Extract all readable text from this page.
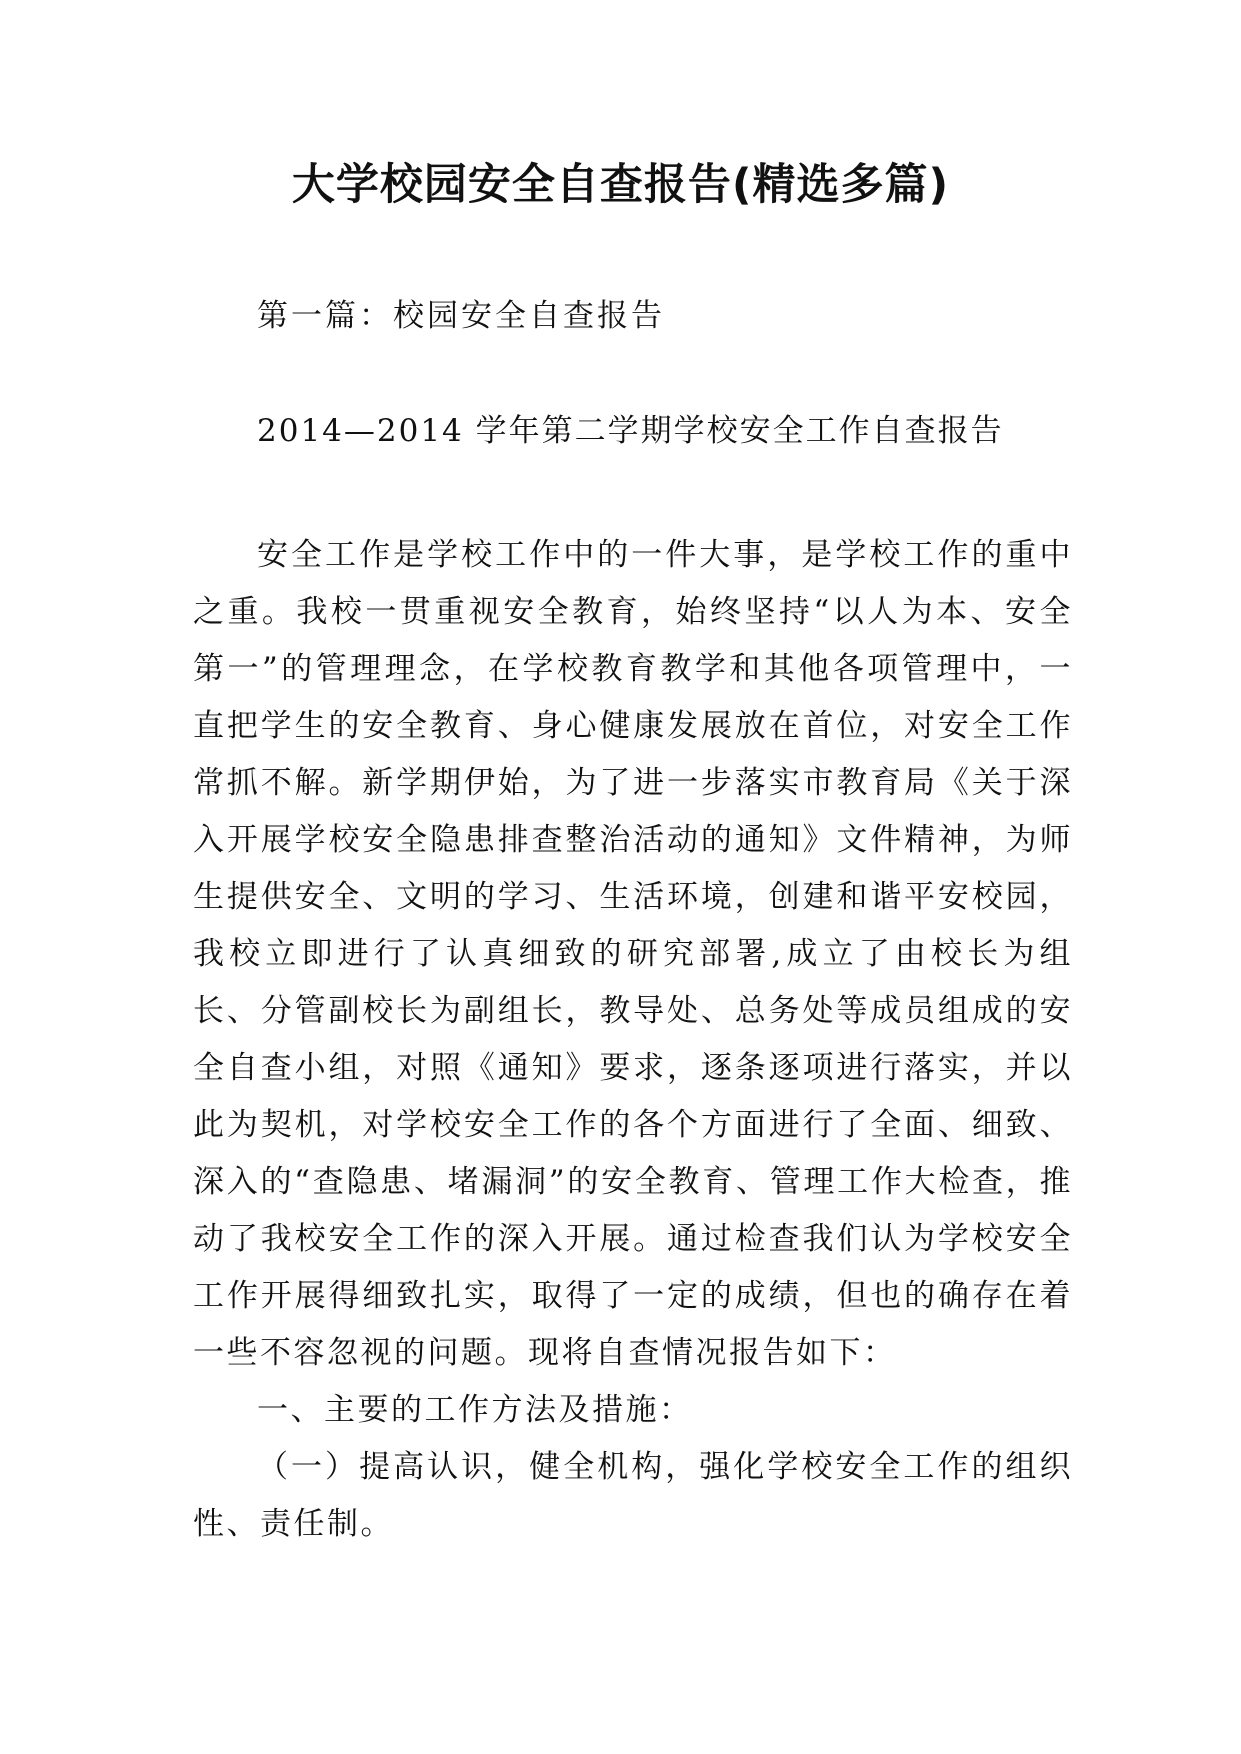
大学校园安全自查报告(精选多篇)
第一篇：校园安全自查报告
2014—2014 学年第二学期学校安全工作自查报告

安全工作是学校工作中的一件大事，是学校工作的重中之重。我校一贯重视安全教育，始终坚持“以人为本、安全第一”的管理理念，在学校教育教学和其他各项管理中，一直把学生的安全教育、身心健康发展放在首位，对安全工作常抓不解。新学期伊始，为了进一步落实市教育局《关于深入开展学校安全隐患排查整治活动的通知》文件精神，为师生提供安全、文明的学习、生活环境，创建和谐平安校园，我校立即进行了认真细致的研究部署,成立了由校长为组长、分管副校长为副组长，教导处、总务处等成员组成的安全自查小组，对照《通知》要求，逐条逐项进行落实，并以此为契机，对学校安全工作的各个方面进行了全面、细致、深入的“查隐患、堵漏洞”的安全教育、管理工作大检查，推动了我校安全工作的深入开展。通过检查我们认为学校安全工作开展得细致扎实，取得了一定的成绩，但也的确存在着一些不容忽视的问题。现将自查情况报告如下：

一、主要的工作方法及措施：

（一）提高认识，健全机构，强化学校安全工作的组织性、责任制。
